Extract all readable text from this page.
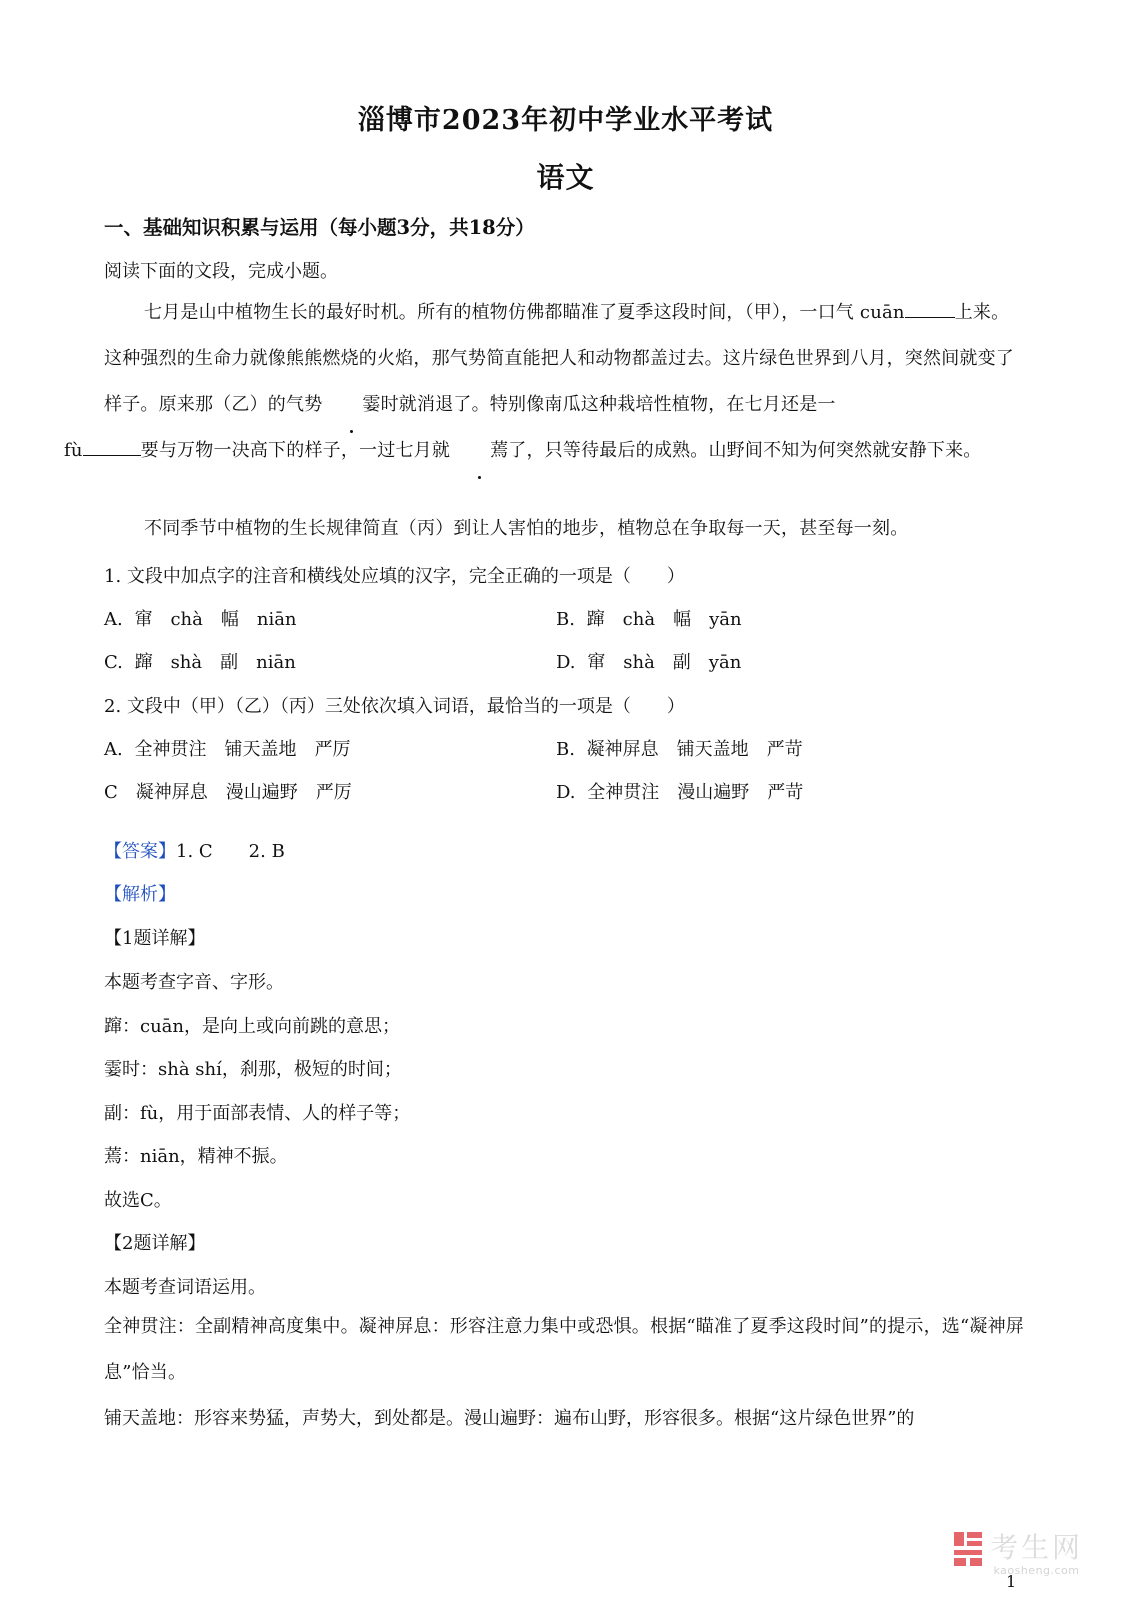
淄博市2023年初中学业水平考试
语文
一、基础知识积累与运用（每小题3分，共18分）
阅读下面的文段，完成小题。
七月是山中植物生长的最好时机。所有的植物仿佛都瞄准了夏季这段时间，（甲），一口气 cuān	上来。这种强烈的生命力就像熊熊燃烧的火焰，那气势简直能把人和动物都盖过去。这片绿色世界到八月，突然间就变了样子。原来那（乙）的气势 霎时就消退了。特别像南瓜这种栽培性植物，在七月还是一
fù	要与万物一决高下的样子，一过七月就 蔫了，只等待最后的成熟。山野间不知为何突然就安静下来。
不同季节中植物的生长规律简直（丙）到让人害怕的地步，植物总在争取每一天，甚至每一刻。
1. 文段中加点字的注音和横线处应填的汉字，完全正确的一项是（　　）
A. 窜　chà　幅　niān	B. 蹿　chà　幅　yān
C. 蹿　shà　副　niān	D. 窜　shà　副　yān
2. 文段中（甲）（乙）（丙）三处依次填入词语，最恰当的一项是（　　）
A. 全神贯注　铺天盖地　严厉	B. 凝神屏息　铺天盖地　严苛
C　凝神屏息　漫山遍野　严厉	D. 全神贯注　漫山遍野　严苛
【答案】1. C　　2. B
【解析】
【1题详解】
本题考查字音、字形。
蹿：cuān，是向上或向前跳的意思；
霎时：shà shí，刹那，极短的时间；
副：fù，用于面部表情、人的样子等；
蔫：niān，精神不振。
故选C。
【2题详解】
本题考查词语运用。
全神贯注：全副精神高度集中。凝神屏息：形容注意力集中或恐惧。根据“瞄准了夏季这段时间”的提示，选“凝神屏息”恰当。
铺天盖地：形容来势猛，声势大，到处都是。漫山遍野：遍布山野，形容很多。根据“这片绿色世界”的
考生网
kaosheng.com
1
